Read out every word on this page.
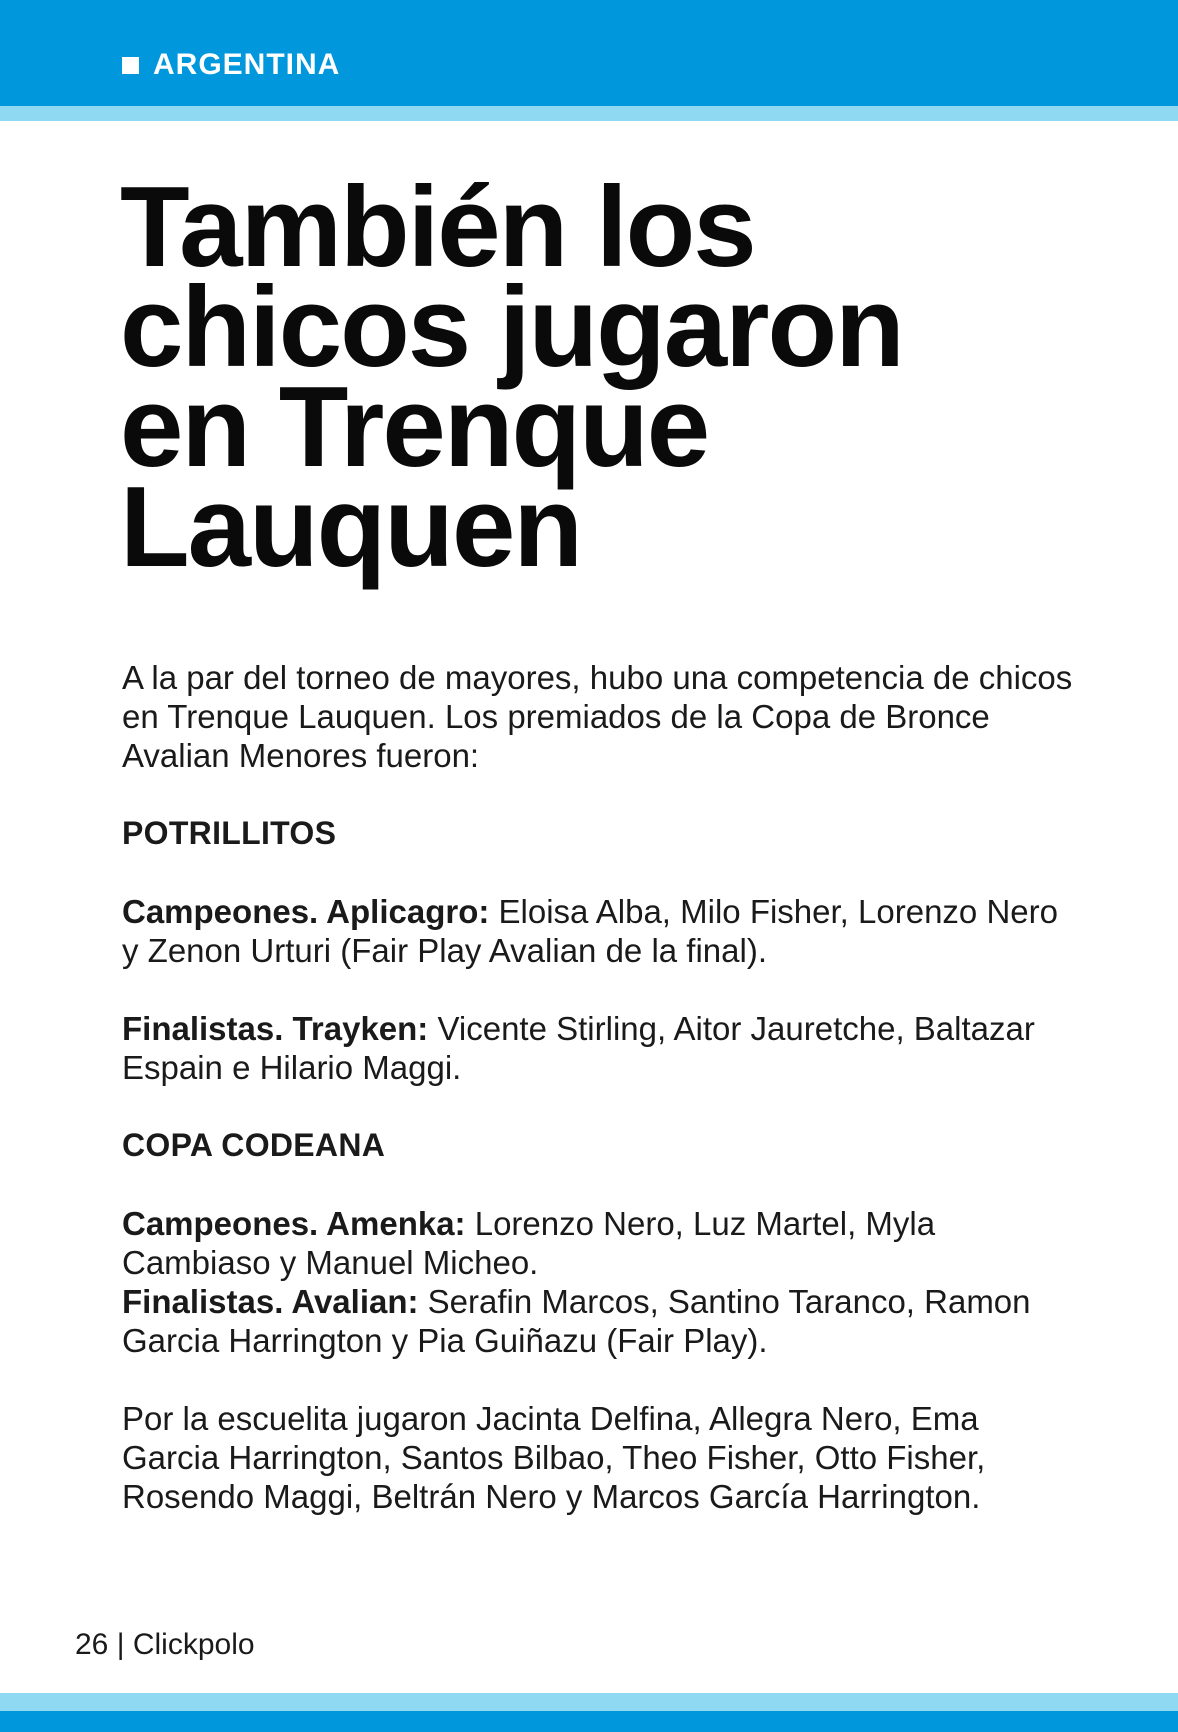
ARGENTINA
También los
chicos jugaron
en Trenque
Lauquen

A la par del torneo de mayores, hubo una competencia de chicos en Trenque Lauquen. Los premiados de la Copa de Bronce Avalian Menores fueron:

POTRILLITOS

Campeones. Aplicagro: Eloisa Alba, Milo Fisher, Lorenzo Nero y Zenon Urturi (Fair Play Avalian de la final).

Finalistas. Trayken: Vicente Stirling, Aitor Jauretche, Baltazar Espain e Hilario Maggi.

COPA CODEANA

Campeones. Amenka: Lorenzo Nero, Luz Martel, Myla Cambiaso y Manuel Micheo.

Finalistas. Avalian: Serafin Marcos, Santino Taranco, Ramon Garcia Harrington y Pia Guiñazu (Fair Play).

Por la escuelita jugaron Jacinta Delfina, Allegra Nero, Ema Garcia Harrington, Santos Bilbao, Theo Fisher, Otto Fisher, Rosendo Maggi, Beltrán Nero y Marcos García Harrington.

26 | Clickpolo
